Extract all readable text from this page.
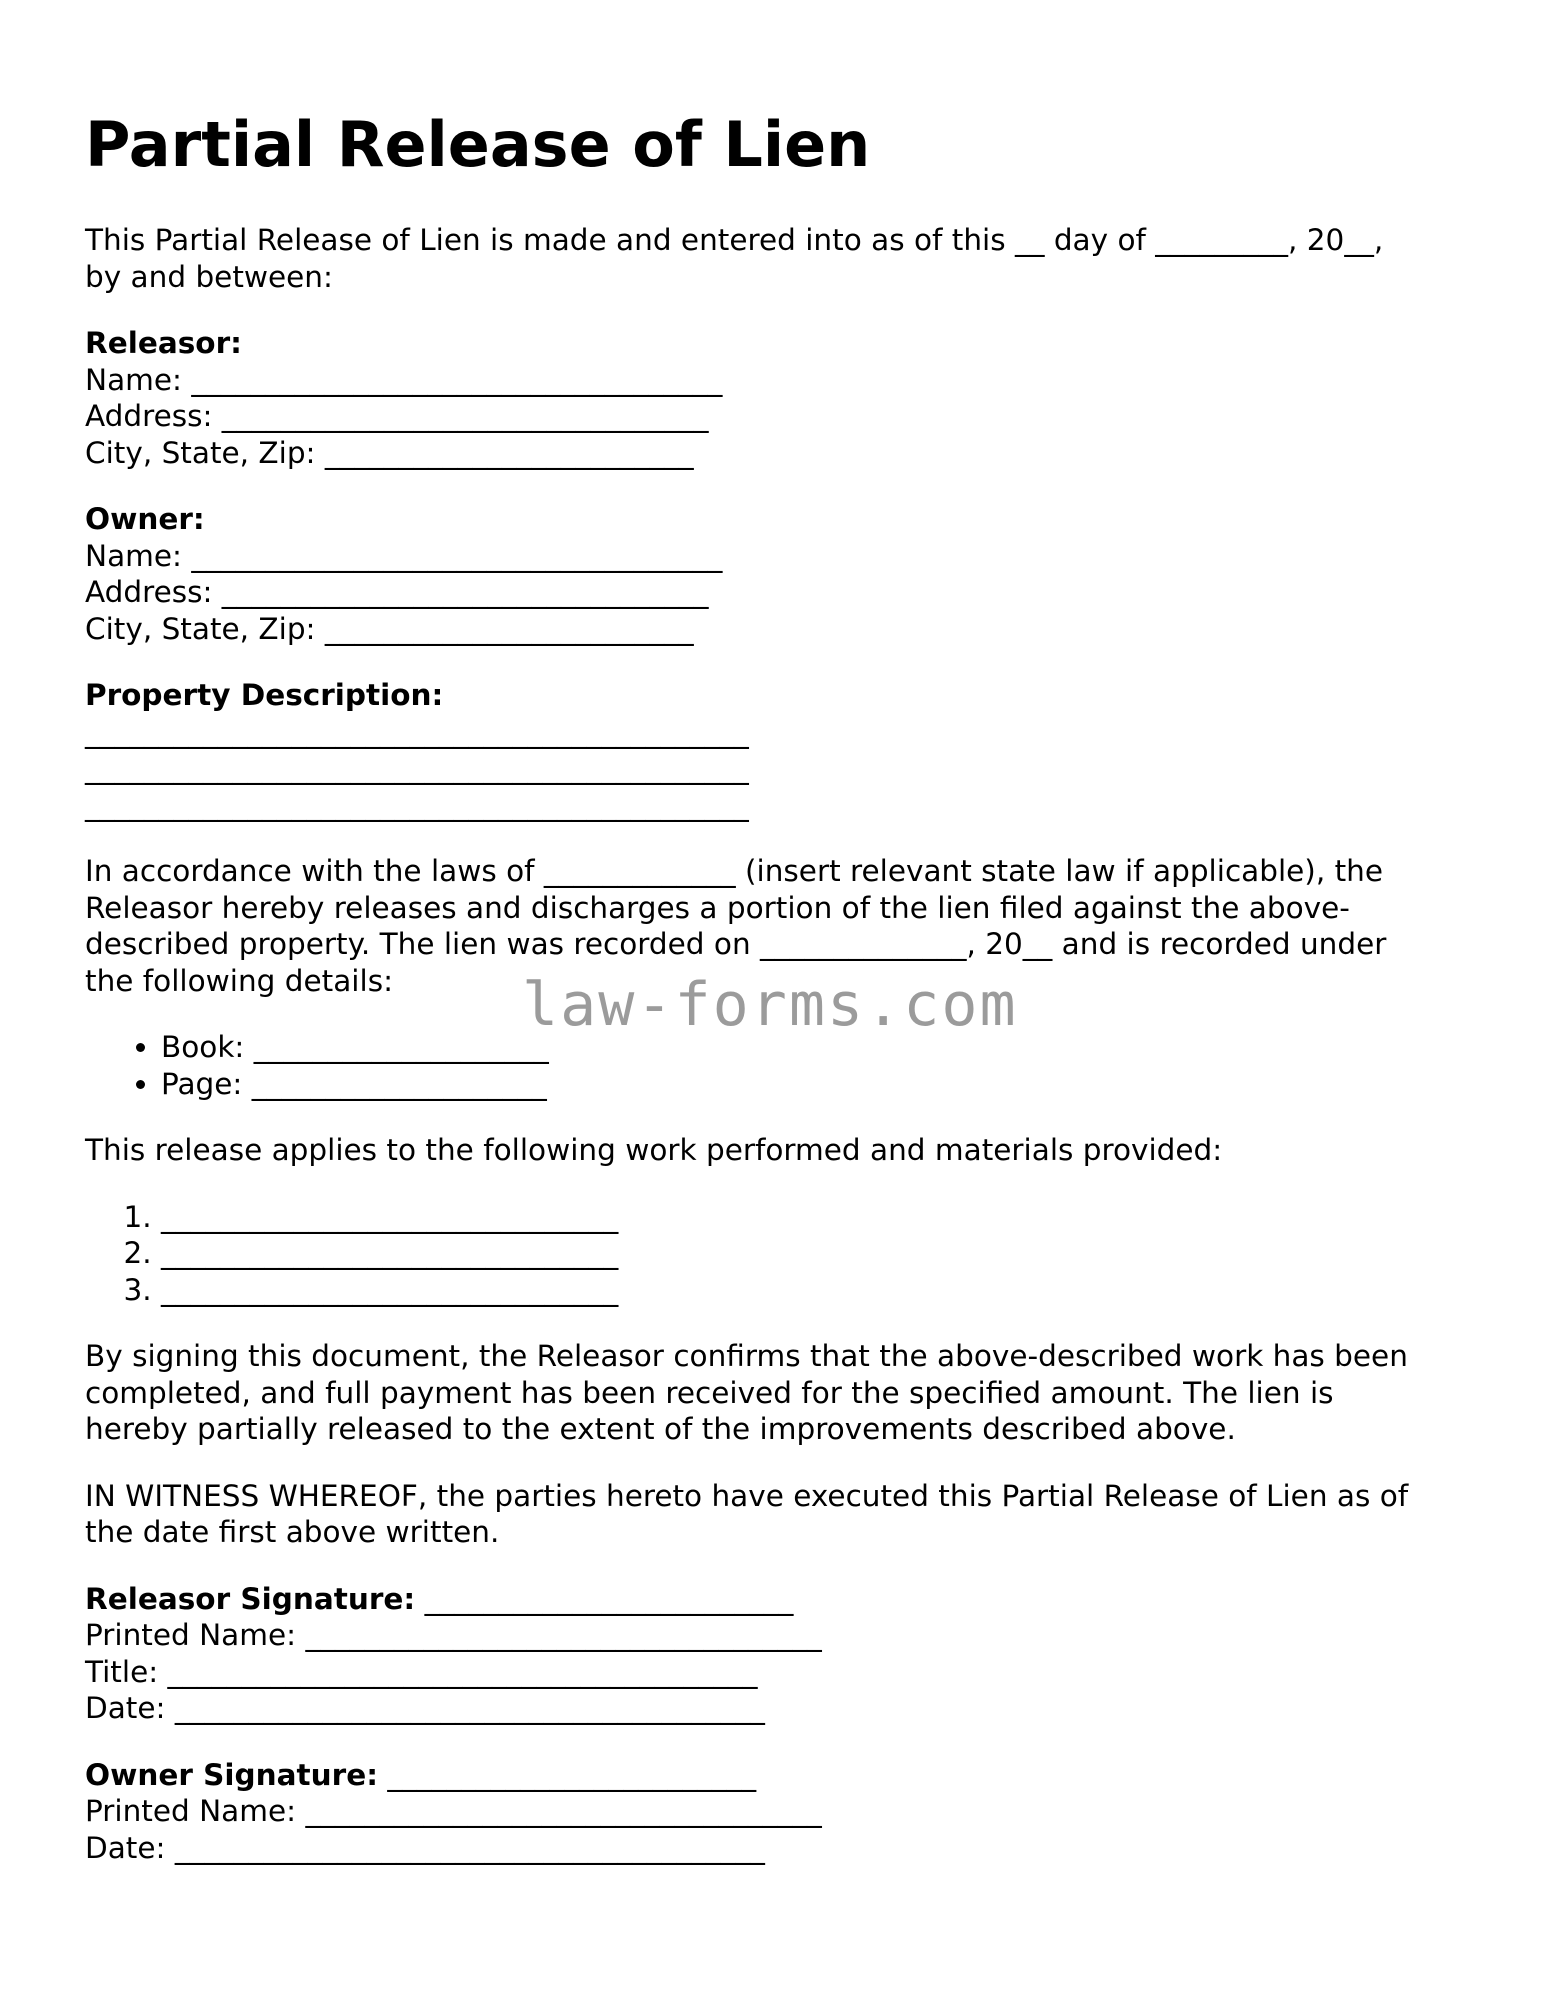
Partial Release of Lien

This Partial Release of Lien is made and entered into as of this __ day of _________, 20__,
by and between:

Releasor:
Name: ____________________________________
Address: _________________________________
City, State, Zip: _________________________
Owner:
Name: ____________________________________
Address: _________________________________
City, State, Zip: _________________________
Property Description:
_____________________________________________
_____________________________________________
_____________________________________________

In accordance with the laws of _____________ (insert relevant state law if applicable), the
Releasor hereby releases and discharges a portion of the lien filed against the above-
described property. The lien was recorded on ______________, 20__ and is recorded under
the following details:

• Book: ____________________
• Page: ____________________

This release applies to the following work performed and materials provided:

1. _______________________________
2. _______________________________
3. _______________________________

By signing this document, the Releasor confirms that the above-described work has been
completed, and full payment has been received for the specified amount. The lien is
hereby partially released to the extent of the improvements described above.

IN WITNESS WHEREOF, the parties hereto have executed this Partial Release of Lien as of
the date first above written.

Releasor Signature: _________________________
Printed Name: ___________________________________
Title: ________________________________________
Date: ________________________________________
Owner Signature: _________________________
Printed Name: ___________________________________
Date: ________________________________________
law-forms.com
